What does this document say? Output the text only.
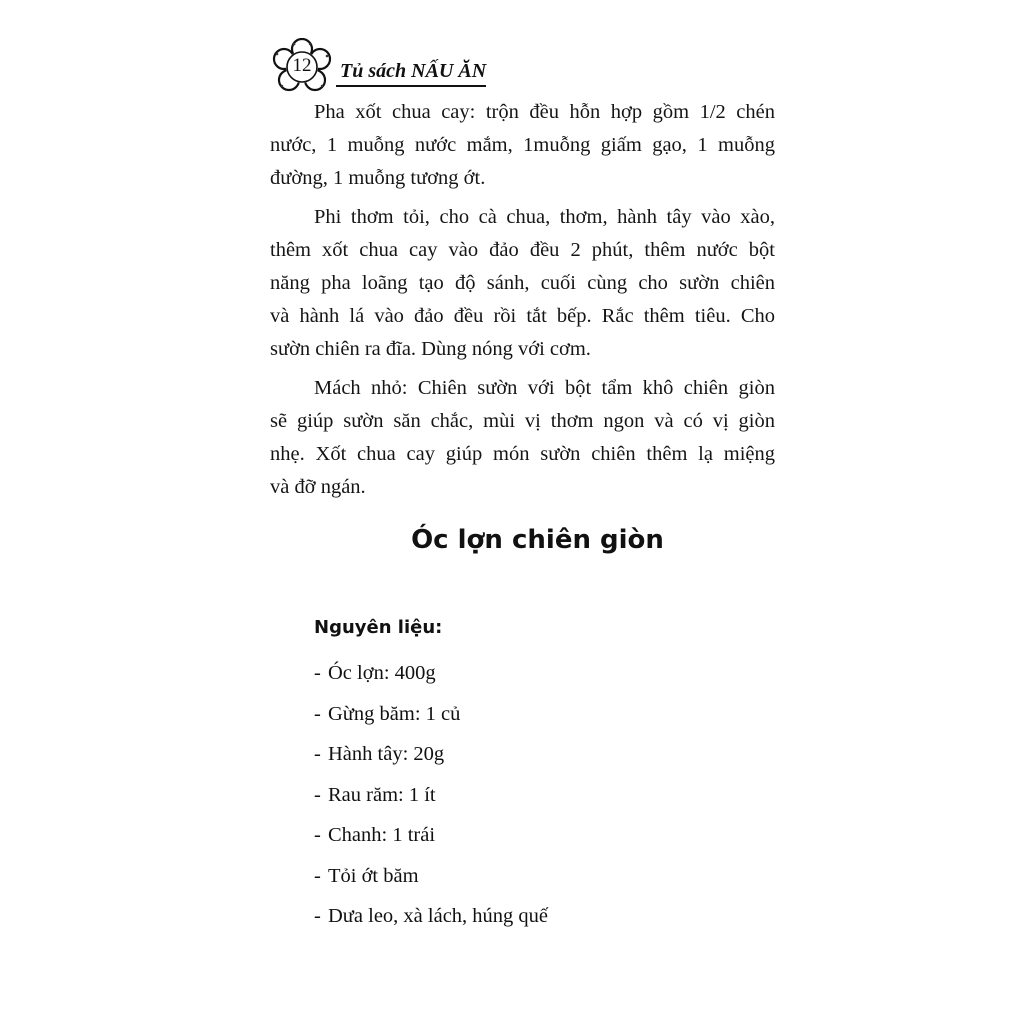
12	Tủ sách NẤU ĂN

Pha xốt chua cay: trộn đều hỗn hợp gồm 1/2 chén
nước, 1 muỗng nước mắm, 1muỗng giấm gạo, 1 muỗng
đường, 1 muỗng tương ớt.

Phi thơm tỏi, cho cà chua, thơm, hành tây vào xào,
thêm xốt chua cay vào đảo đều 2 phút, thêm nước bột
năng pha loãng tạo độ sánh, cuối cùng cho sườn chiên
và hành lá vào đảo đều rồi tắt bếp. Rắc thêm tiêu. Cho
sườn chiên ra đĩa. Dùng nóng với cơm.

Mách nhỏ: Chiên sườn với bột tẩm khô chiên giòn
sẽ giúp sườn săn chắc, mùi vị thơm ngon và có vị giòn
nhẹ. Xốt chua cay giúp món sườn chiên thêm lạ miệng
và đỡ ngán.

Óc lợn chiên giòn
Nguyên liệu:
- Óc lợn: 400g
- Gừng băm: 1 củ
- Hành tây: 20g
- Rau răm: 1 ít
- Chanh: 1 trái
- Tỏi ớt băm
- Dưa leo, xà lách, húng quế
